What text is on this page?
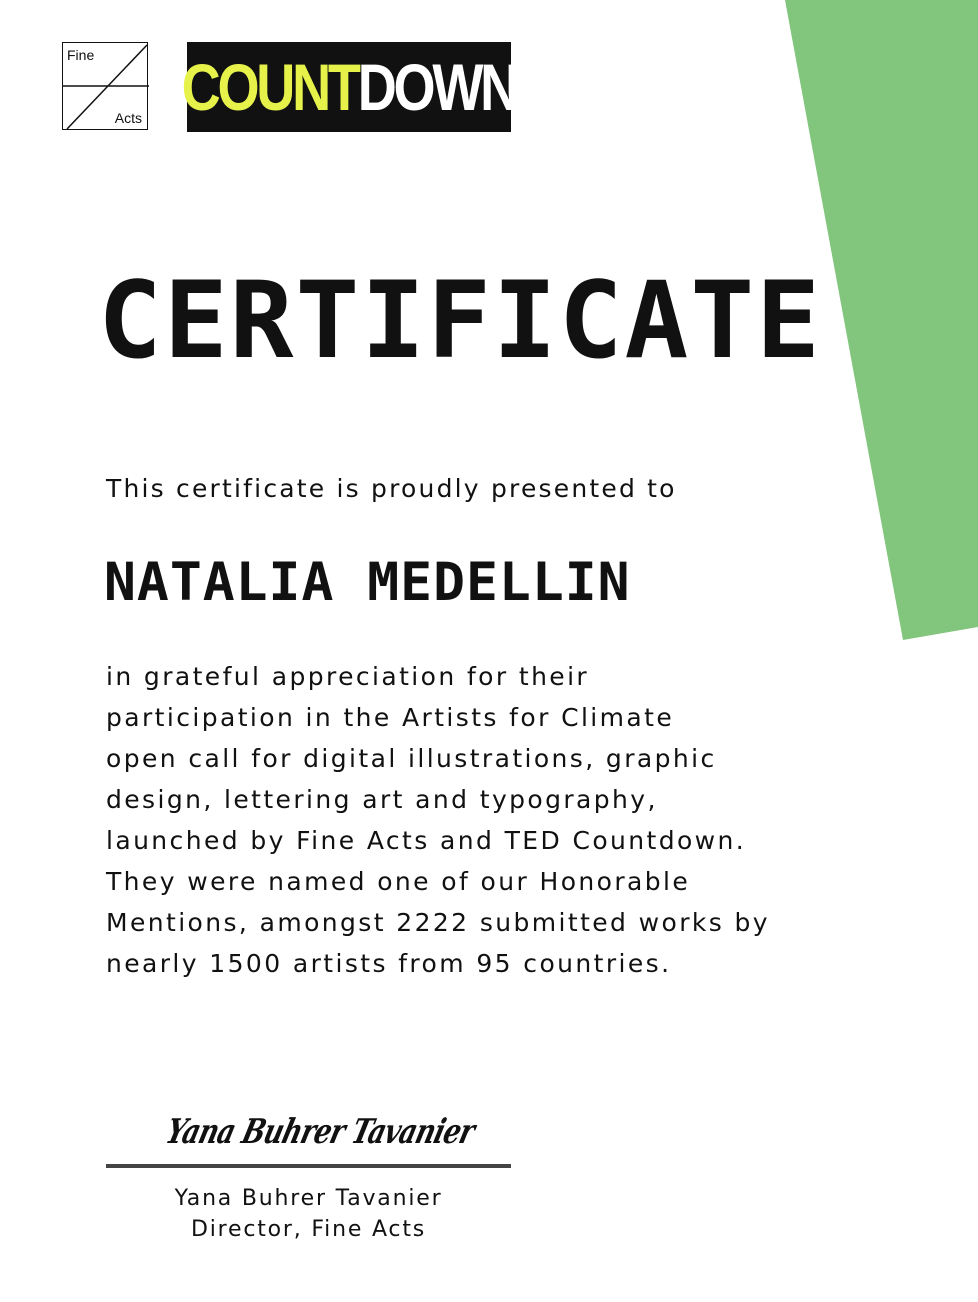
Fine
Acts COUNTDOWN
CERTIFICATE
This certificate is proudly presented to
NATALIA MEDELLIN
in grateful appreciation for their
participation in the Artists for Climate
open call for digital illustrations, graphic
design, lettering art and typography,
launched by Fine Acts and TED Countdown.
They were named one of our Honorable
Mentions, amongst 2222 submitted works by
nearly 1500 artists from 95 countries.
Yana Buhrer Tavanier
Yana Buhrer Tavanier
Director, Fine Acts
